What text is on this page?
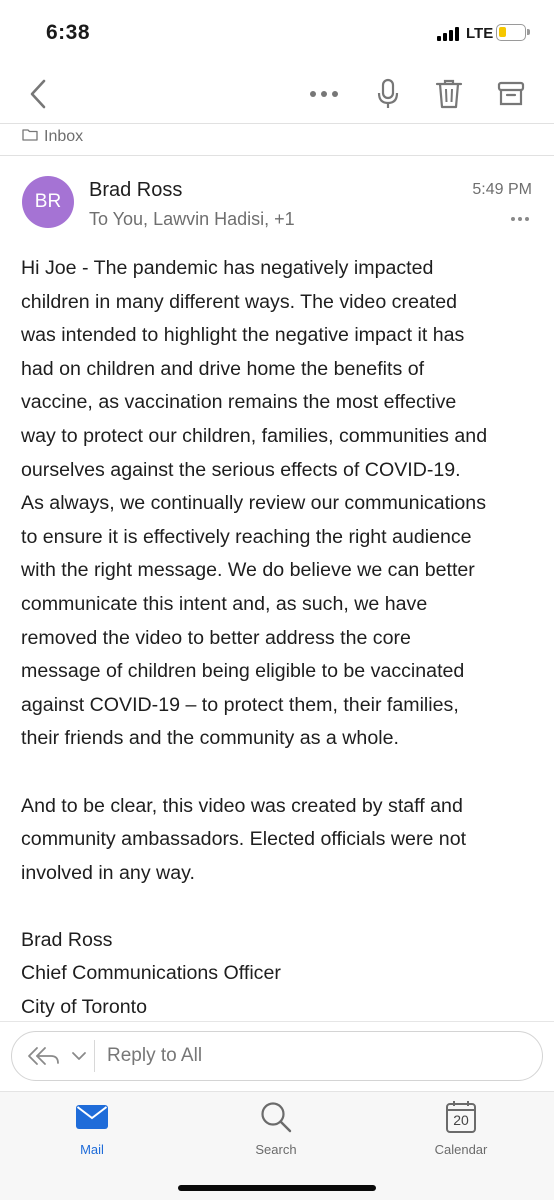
6:38	LTE
Inbox
BR
Brad Ross
To You, Lawvin Hadisi, +1
5:49 PM

Hi Joe - The pandemic has negatively impacted

children in many different ways. The video created

was intended to highlight the negative impact it has

had on children and drive home the benefits of

vaccine, as vaccination remains the most effective

way to protect our children, families, communities and

ourselves against the serious effects of COVID-19.

As always, we continually review our communications

to ensure it is effectively reaching the right audience

with the right message. We do believe we can better

communicate this intent and, as such, we have

removed the video to better address the core

message of children being eligible to be vaccinated

against COVID-19 – to protect them, their families,

their friends and the community as a whole.

And to be clear, this video was created by staff and

community ambassadors. Elected officials were not

involved in any way.

Brad Ross

Chief Communications Officer

City of Toronto

Reply to All
Mail	Search
20
Calendar
